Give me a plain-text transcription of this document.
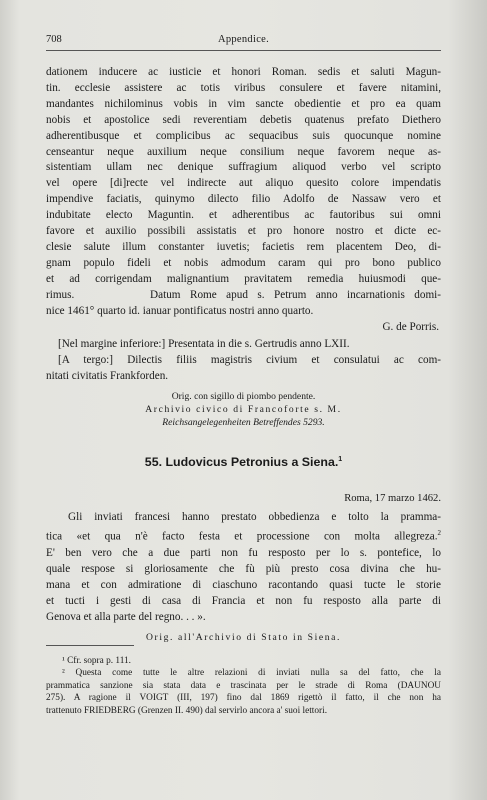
708	Appendice.
dationem inducere ac iusticie et honori Roman. sedis et saluti Magun-
tin. ecclesie assistere ac totis viribus consulere et favere nitamini,
mandantes nichilominus vobis in vim sancte obedientie et pro ea quam
nobis et apostolice sedi reverentiam debetis quatenus prefato Diethero
adherentibusque et complicibus ac sequacibus suis quocunque nomine
censeantur neque auxilium neque consilium neque favorem neque as-
sistentiam ullam nec denique suffragium aliquod verbo vel scripto
vel opere [di]recte vel indirecte aut aliquo quesito colore impendatis
impendive faciatis, quinymo dilecto filio Adolfo de Nassaw vero et
indubitate electo Maguntin. et adherentibus ac fautoribus sui omni
favore et auxilio possibili assistatis et pro honore nostro et dicte ec-
clesie salute illum constanter iuvetis; facietis rem placentem Deo, di-
gnam populo fideli et nobis admodum caram qui pro bono publico
et ad corrigendam malignantium pravitatem remedia huiusmodi que-
rimus.        Datum Rome apud s. Petrum anno incarnationis domi-
nice 1461° quarto id. ianuar pontificatus nostri anno quarto.
G. de Porris.
[Nel margine inferiore:] Presentata in die s. Gertrudis anno LXII.
[A tergo:] Dilectis filiis magistris civium et consulatui ac com-
nitati civitatis Frankforden.
Orig. con sigillo di piombo pendente.
Archivio civico di Francoforte s. M.
Reichsangelegenheiten Betreffendes 5293.
55. Ludovicus Petronius a Siena.$^1$
Roma, 17 marzo 1462.
Gli inviati francesi hanno prestato obbedienza e tolto la pramma-
tica «et qua n'è facto festa et processione con molta allegreza.$^2$
E' ben vero che a due parti non fu resposto per lo s. pontefice, lo
quale respose si gloriosamente che fù più presto cosa divina che hu-
mana et con admiratione di ciaschuno racontando quasi tucte le storie
et tucti i gesti di casa di Francia et non fu resposto alla parte di
Genova et alla parte del regno. . . ».
Orig. all'Archivio di Stato in Siena.
¹ Cfr. sopra p. 111.
² Questa come tutte le altre relazioni di inviati nulla sa del fatto, che la
prammatica sanzione sia stata data e trascinata per le strade di Roma (DAUNOU
275). A ragione il VOIGT (III, 197) fino dal 1869 rigettò il fatto, il che non ha
trattenuto FRIEDBERG (Grenzen II. 490) dal servirlo ancora a' suoi lettori.
